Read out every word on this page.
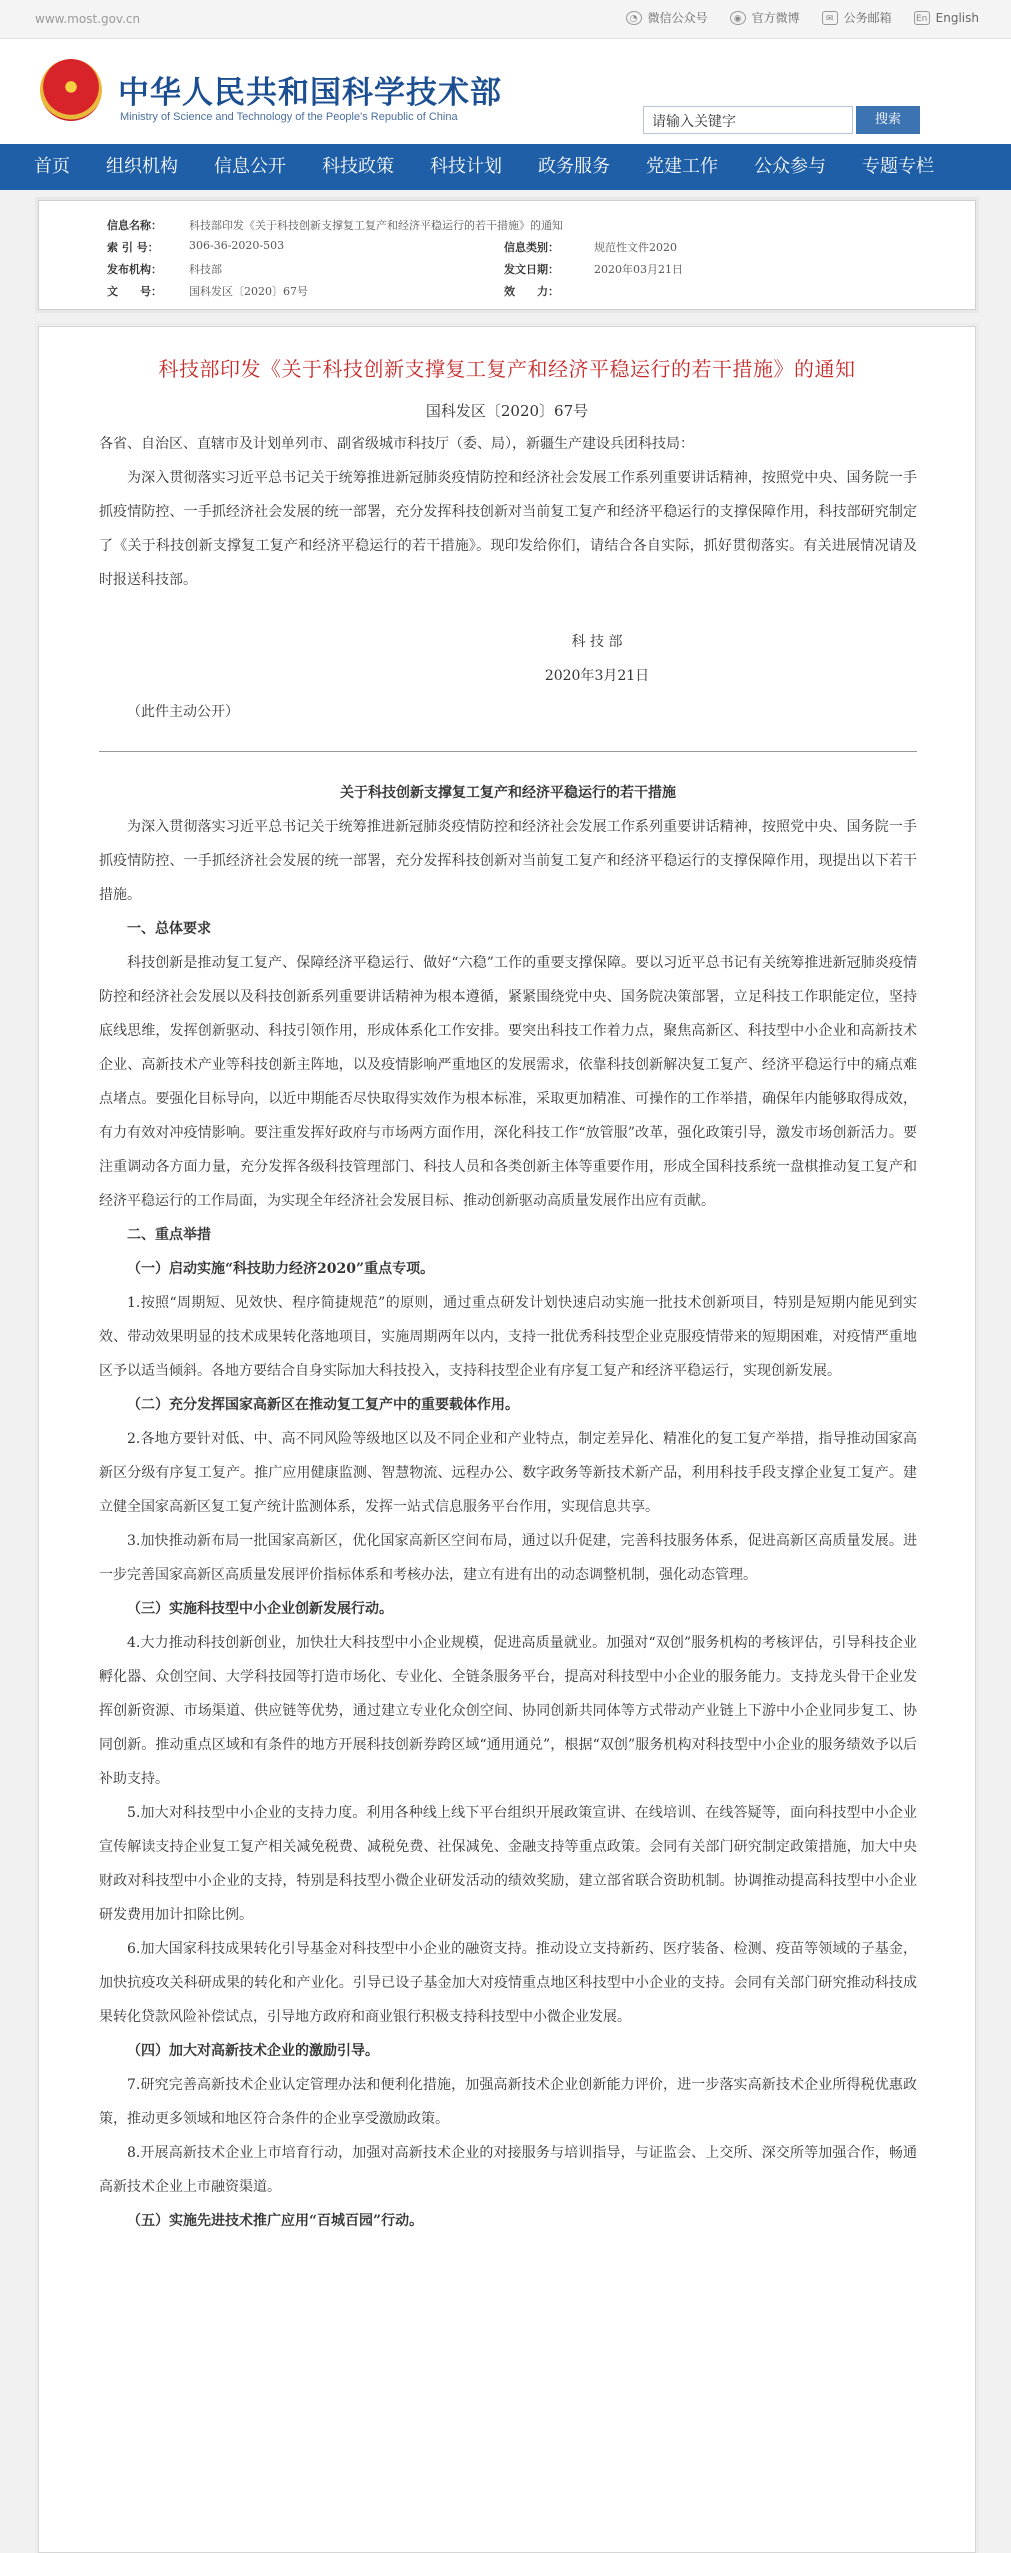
www.most.gov.cn	◔ 微信公众号	◉ 官方微博	✉ 公务邮箱	En English
中华人民共和国科学技术部
Ministry of Science and Technology of the People's Republic of China	请输入关键字	搜索
首页	组织机构	信息公开	科技政策	科技计划	政务服务	党建工作	公众参与	专题专栏
信息名称：	科技部印发《关于科技创新支撑复工复产和经济平稳运行的若干措施》的通知
索 引 号：	306-36-2020-503
发布机构：	科技部
文　　号：	国科发区〔2020〕67号
信息类别：	规范性文件2020
发文日期：	2020年03月21日
效　　力：
科技部印发《关于科技创新支撑复工复产和经济平稳运行的若干措施》的通知
国科发区〔2020〕67号
各省、自治区、直辖市及计划单列市、副省级城市科技厅（委、局），新疆生产建设兵团科技局：
为深入贯彻落实习近平总书记关于统筹推进新冠肺炎疫情防控和经济社会发展工作系列重要讲话精神，按照党中央、国务院一手抓疫情防控、一手抓经济社会发展的统一部署，充分发挥科技创新对当前复工复产和经济平稳运行的支撑保障作用，科技部研究制定了《关于科技创新支撑复工复产和经济平稳运行的若干措施》。现印发给你们，请结合各自实际，抓好贯彻落实。有关进展情况请及时报送科技部。
科 技 部
2020年3月21日
（此件主动公开）
关于科技创新支撑复工复产和经济平稳运行的若干措施
为深入贯彻落实习近平总书记关于统筹推进新冠肺炎疫情防控和经济社会发展工作系列重要讲话精神，按照党中央、国务院一手抓疫情防控、一手抓经济社会发展的统一部署，充分发挥科技创新对当前复工复产和经济平稳运行的支撑保障作用，现提出以下若干措施。
一、总体要求
科技创新是推动复工复产、保障经济平稳运行、做好“六稳”工作的重要支撑保障。要以习近平总书记有关统筹推进新冠肺炎疫情防控和经济社会发展以及科技创新系列重要讲话精神为根本遵循，紧紧围绕党中央、国务院决策部署，立足科技工作职能定位，坚持底线思维，发挥创新驱动、科技引领作用，形成体系化工作安排。要突出科技工作着力点，聚焦高新区、科技型中小企业和高新技术企业、高新技术产业等科技创新主阵地，以及疫情影响严重地区的发展需求，依靠科技创新解决复工复产、经济平稳运行中的痛点难点堵点。要强化目标导向，以近中期能否尽快取得实效作为根本标准，采取更加精准、可操作的工作举措，确保年内能够取得成效，有力有效对冲疫情影响。要注重发挥好政府与市场两方面作用，深化科技工作“放管服”改革，强化政策引导，激发市场创新活力。要注重调动各方面力量，充分发挥各级科技管理部门、科技人员和各类创新主体等重要作用，形成全国科技系统一盘棋推动复工复产和经济平稳运行的工作局面，为实现全年经济社会发展目标、推动创新驱动高质量发展作出应有贡献。
二、重点举措
（一）启动实施“科技助力经济2020”重点专项。
1.按照“周期短、见效快、程序简捷规范”的原则，通过重点研发计划快速启动实施一批技术创新项目，特别是短期内能见到实效、带动效果明显的技术成果转化落地项目，实施周期两年以内，支持一批优秀科技型企业克服疫情带来的短期困难，对疫情严重地区予以适当倾斜。各地方要结合自身实际加大科技投入，支持科技型企业有序复工复产和经济平稳运行，实现创新发展。
（二）充分发挥国家高新区在推动复工复产中的重要载体作用。
2.各地方要针对低、中、高不同风险等级地区以及不同企业和产业特点，制定差异化、精准化的复工复产举措，指导推动国家高新区分级有序复工复产。推广应用健康监测、智慧物流、远程办公、数字政务等新技术新产品，利用科技手段支撑企业复工复产。建立健全国家高新区复工复产统计监测体系，发挥一站式信息服务平台作用，实现信息共享。
3.加快推动新布局一批国家高新区，优化国家高新区空间布局，通过以升促建，完善科技服务体系，促进高新区高质量发展。进一步完善国家高新区高质量发展评价指标体系和考核办法，建立有进有出的动态调整机制，强化动态管理。
（三）实施科技型中小企业创新发展行动。
4.大力推动科技创新创业，加快壮大科技型中小企业规模，促进高质量就业。加强对“双创”服务机构的考核评估，引导科技企业孵化器、众创空间、大学科技园等打造市场化、专业化、全链条服务平台，提高对科技型中小企业的服务能力。支持龙头骨干企业发挥创新资源、市场渠道、供应链等优势，通过建立专业化众创空间、协同创新共同体等方式带动产业链上下游中小企业同步复工、协同创新。推动重点区域和有条件的地方开展科技创新券跨区域“通用通兑”，根据“双创”服务机构对科技型中小企业的服务绩效予以后补助支持。
5.加大对科技型中小企业的支持力度。利用各种线上线下平台组织开展政策宣讲、在线培训、在线答疑等，面向科技型中小企业宣传解读支持企业复工复产相关减免税费、减税免费、社保减免、金融支持等重点政策。会同有关部门研究制定政策措施，加大中央财政对科技型中小企业的支持，特别是科技型小微企业研发活动的绩效奖励，建立部省联合资助机制。协调推动提高科技型中小企业研发费用加计扣除比例。
6.加大国家科技成果转化引导基金对科技型中小企业的融资支持。推动设立支持新药、医疗装备、检测、疫苗等领域的子基金，加快抗疫攻关科研成果的转化和产业化。引导已设子基金加大对疫情重点地区科技型中小企业的支持。会同有关部门研究推动科技成果转化贷款风险补偿试点，引导地方政府和商业银行积极支持科技型中小微企业发展。
（四）加大对高新技术企业的激励引导。
7.研究完善高新技术企业认定管理办法和便利化措施，加强高新技术企业创新能力评价，进一步落实高新技术企业所得税优惠政策，推动更多领域和地区符合条件的企业享受激励政策。
8.开展高新技术企业上市培育行动，加强对高新技术企业的对接服务与培训指导，与证监会、上交所、深交所等加强合作，畅通高新技术企业上市融资渠道。
（五）实施先进技术推广应用“百城百园”行动。
